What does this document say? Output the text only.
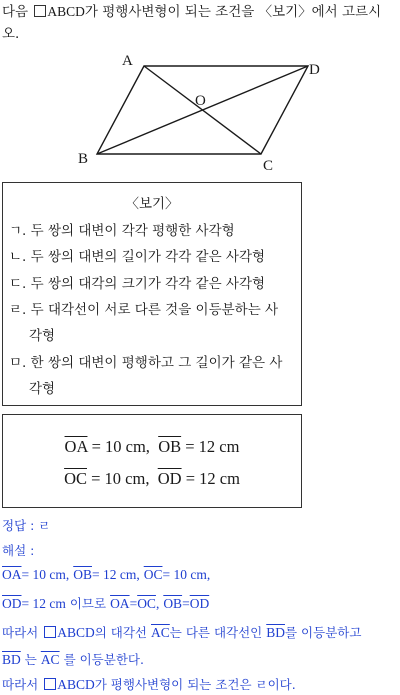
다음 ABCD가 평행사변형이 되는 조건을 〈보기〉에서 고르시
오.
A
B	C
D
O
〈보기〉
ㄱ. 두 쌍의 대변이 각각 평행한 사각형
ㄴ. 두 쌍의 대변의 길이가 각각 같은 사각형
ㄷ. 두 쌍의 대각의 크기가 각각 같은 사각형
ㄹ. 두 대각선이 서로 다른 것을 이등분하는 사
각형
ㅁ. 한 쌍의 대변이 평행하고 그 길이가 같은 사
각형
$\overline{OA} = 10$ cm, $\overline{OB} = 12$ cm
$\overline{OC} = 10$ cm, $\overline{OD} = 12$ cm
정답 : ㄹ
해설 :
$\overline{OA}= 10$ cm, $\overline{OB}= 12$ cm, $\overline{OC}= 10$ cm,
$\overline{OD}= 12$ cm 이므로 $\overline{OA}=\overline{OC}$, $\overline{OB}=\overline{OD}$
따라서 ABCD의 대각선 $\overline{AC}$는 다른 대각선인 $\overline{BD}$를 이등분하고
$\overline{BD}$ 는 $\overline{AC}$ 를 이등분한다.
따라서 ABCD가 평행사변형이 되는 조건은 ㄹ이다.
